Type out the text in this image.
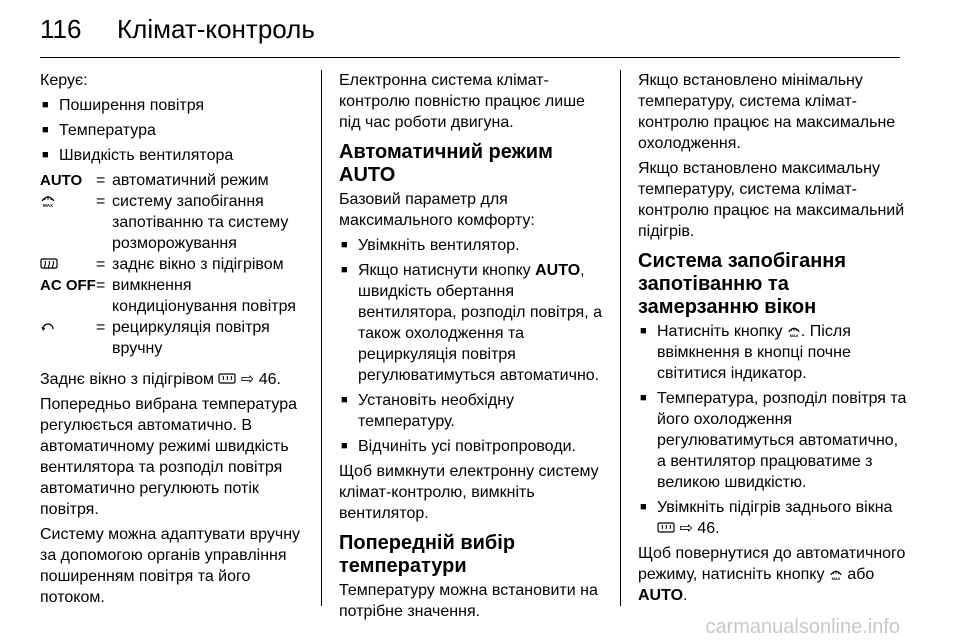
116 Клімат-контроль

Керує:

■ Поширення повітря
■ Температура
■ Швидкість вентилятора
AUTO = автоматичний режим
MAX	= систему запобігання запотіванню та систему розморожування
= заднє вікно з підігрівом
AC OFF = вимкнення кондиціонування повітря
= рециркуляція повітря вручну

Заднє вікно з підігрівом ⇨ 46.

Попередньо вибрана температура регулюється автоматично. В автоматичному режимі швидкість вентилятора та розподіл повітря автоматично регулюють потік повітря.

Систему можна адаптувати вручну за допомогою органів управління поширенням повітря та його потоком.

Електронна система клімат-контролю повністю працює лише під час роботи двигуна.

Автоматичний режим AUTO

Базовий параметр для максимального комфорту:

■ Увімкніть вентилятор.
■ Якщо натиснути кнопку AUTO, швидкість обертання вентилятора, розподіл повітря, а також охолодження та рециркуляція повітря регулюватимуться автоматично.
■ Установіть необхідну температуру.
■ Відчиніть усі повітропроводи.

Щоб вимкнути електронну систему клімат-контролю, вимкніть вентилятор.

Попередній вибір температури

Температуру можна встановити на потрібне значення.

Якщо встановлено мінімальну температуру, система клімат-контролю працює на максимальне охолодження.

Якщо встановлено максимальну температуру, система клімат-контролю працює на максимальний підігрів.

Система запобігання запотіванню та замерзанню вікон
■ Натисніть кнопку MAX . Після ввімкнення в кнопці почне світитися індикатор.
■ Температура, розподіл повітря та його охолодження регулюватимуться автоматично, а вентилятор працюватиме з великою швидкістю.
■ Увімкніть підігрів заднього вікна  ⇨ 46.

Щоб повернутися до автоматичного режиму, натисніть кнопку MAX або AUTO.

carmanualsonline.info
